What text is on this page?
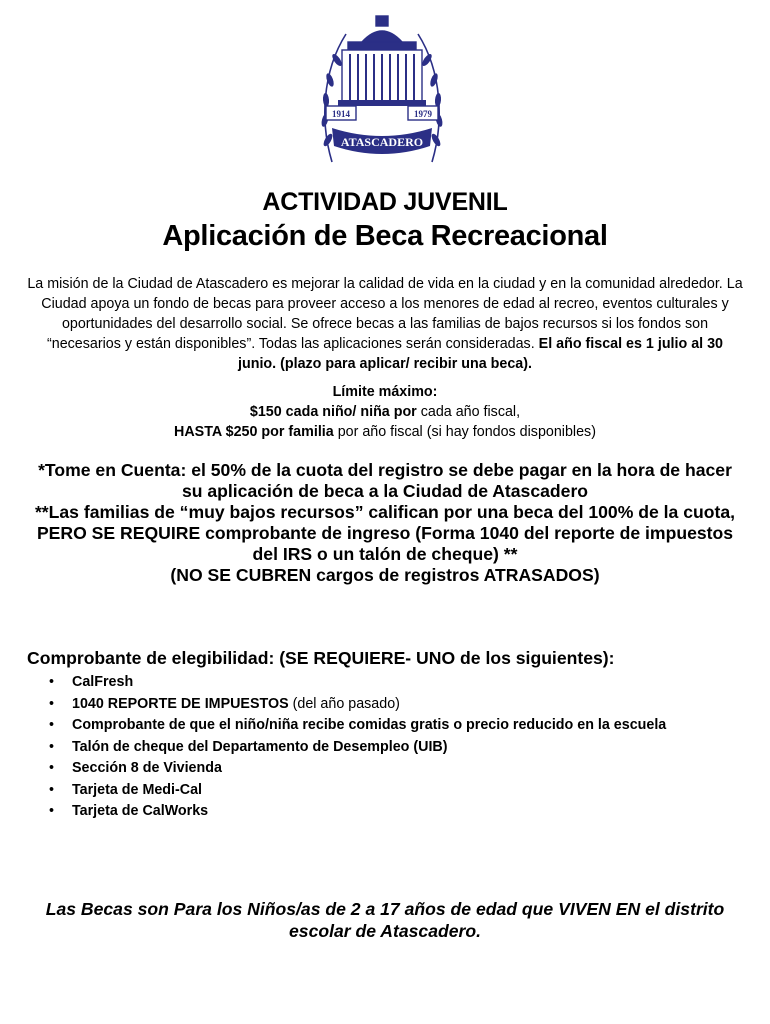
1914	1979
ATASCADERO
ACTIVIDAD JUVENIL
Aplicación de Beca Recreacional
La misión de la Ciudad de Atascadero es mejorar la calidad de vida en la ciudad y en la comunidad alrededor. La Ciudad apoya un fondo de becas para proveer acceso a los menores de edad al recreo, eventos culturales y oportunidades del desarrollo social. Se ofrece becas a las familias de bajos recursos si los fondos son “necesarios y están disponibles”. Todas las aplicaciones serán consideradas. El año fiscal es 1 julio al 30 junio. (plazo para aplicar/ recibir una beca).
Límite máximo:
$150 cada niño/ niña por cada año fiscal,
HASTA $250 por familia por año fiscal (si hay fondos disponibles)
*Tome en Cuenta: el 50% de la cuota del registro se debe pagar en la hora de hacer
su aplicación de beca a la Ciudad de Atascadero
**Las familias de “muy bajos recursos” califican por una beca del 100% de la cuota,
PERO SE REQUIRE comprobante de ingreso (Forma 1040 del reporte de impuestos
del IRS o un talón de cheque) **
(NO SE CUBREN cargos de registros ATRASADOS)
Comprobante de elegibilidad: (SE REQUIERE- UNO de los siguientes):
• CalFresh
• 1040 REPORTE DE IMPUESTOS (del año pasado)
• Comprobante de que el niño/niña recibe comidas gratis o precio reducido en la escuela
• Talón de cheque del Departamento de Desempleo (UIB)
• Sección 8 de Vivienda
• Tarjeta de Medi-Cal
• Tarjeta de CalWorks
Las Becas son Para los Niños/as de 2 a 17 años de edad que VIVEN EN el distrito
escolar de Atascadero.
